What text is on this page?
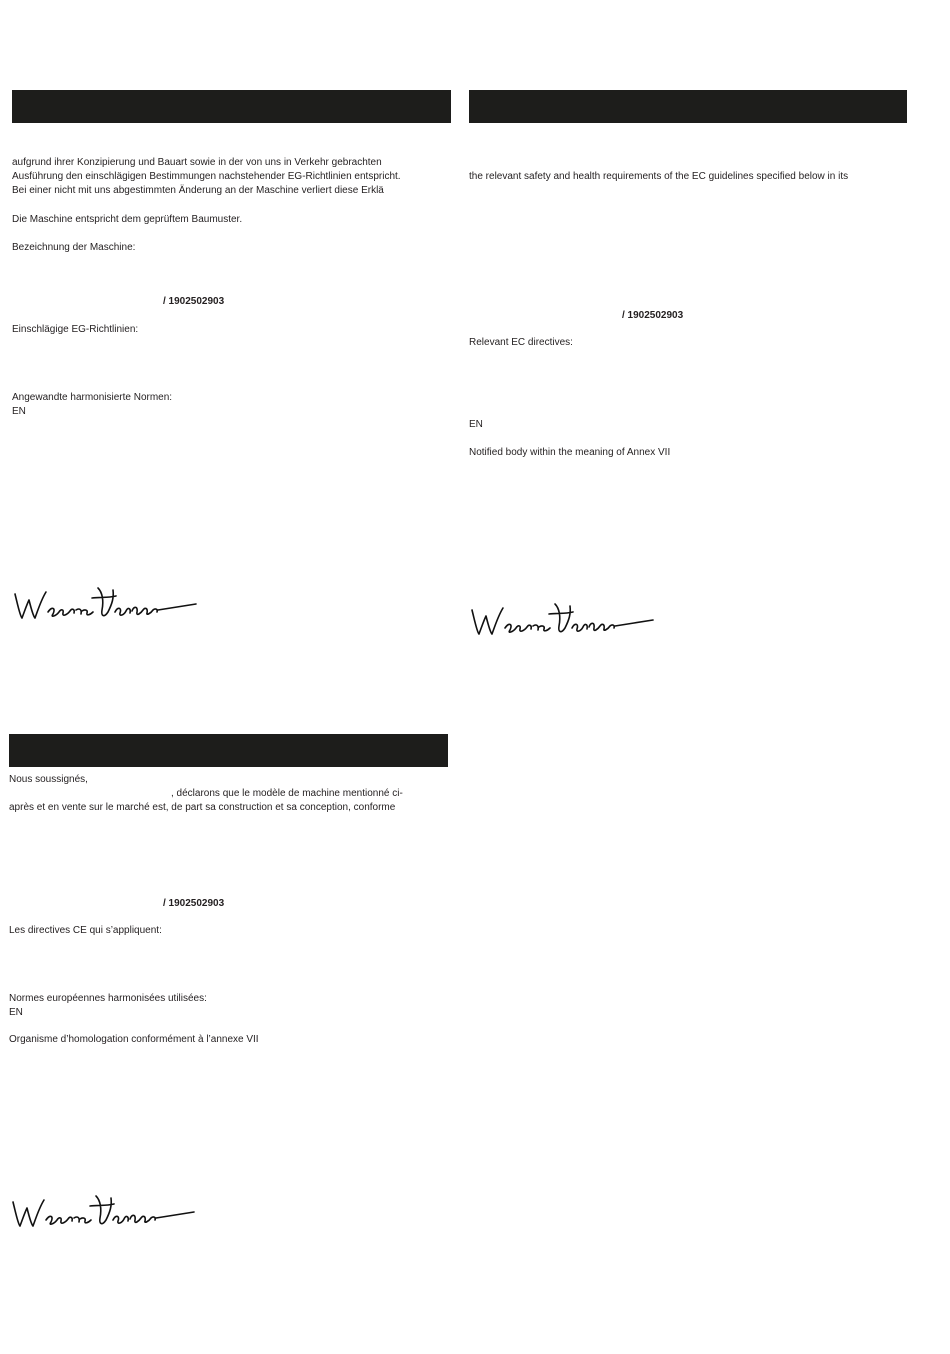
aufgrund ihrer Konzipierung und Bauart sowie in der von uns in Verkehr gebrachten
Ausführung den einschlägigen Bestimmungen nachstehender EG-Richtlinien entspricht.
Bei einer nicht mit uns abgestimmten Änderung an der Maschine verliert diese Erklä
Die Maschine entspricht dem geprüftem Baumuster.
Bezeichnung der Maschine:
/ 1902502903
Einschlägige EG-Richtlinien:
Angewandte harmonisierte Normen:
EN
the relevant safety and health requirements of the EC guidelines specified below in its
/ 1902502903
Relevant EC directives:
EN
Notified body within the meaning of Annex VII
Nous soussignés,
, déclarons que le modèle de machine mentionné ci-
après et en vente sur le marché est, de part sa construction et sa conception, conforme
/ 1902502903
Les directives CE qui s’appliquent:
Normes européennes harmonisées utilisées:
EN
Organisme d’homologation conformément à l’annexe VII
